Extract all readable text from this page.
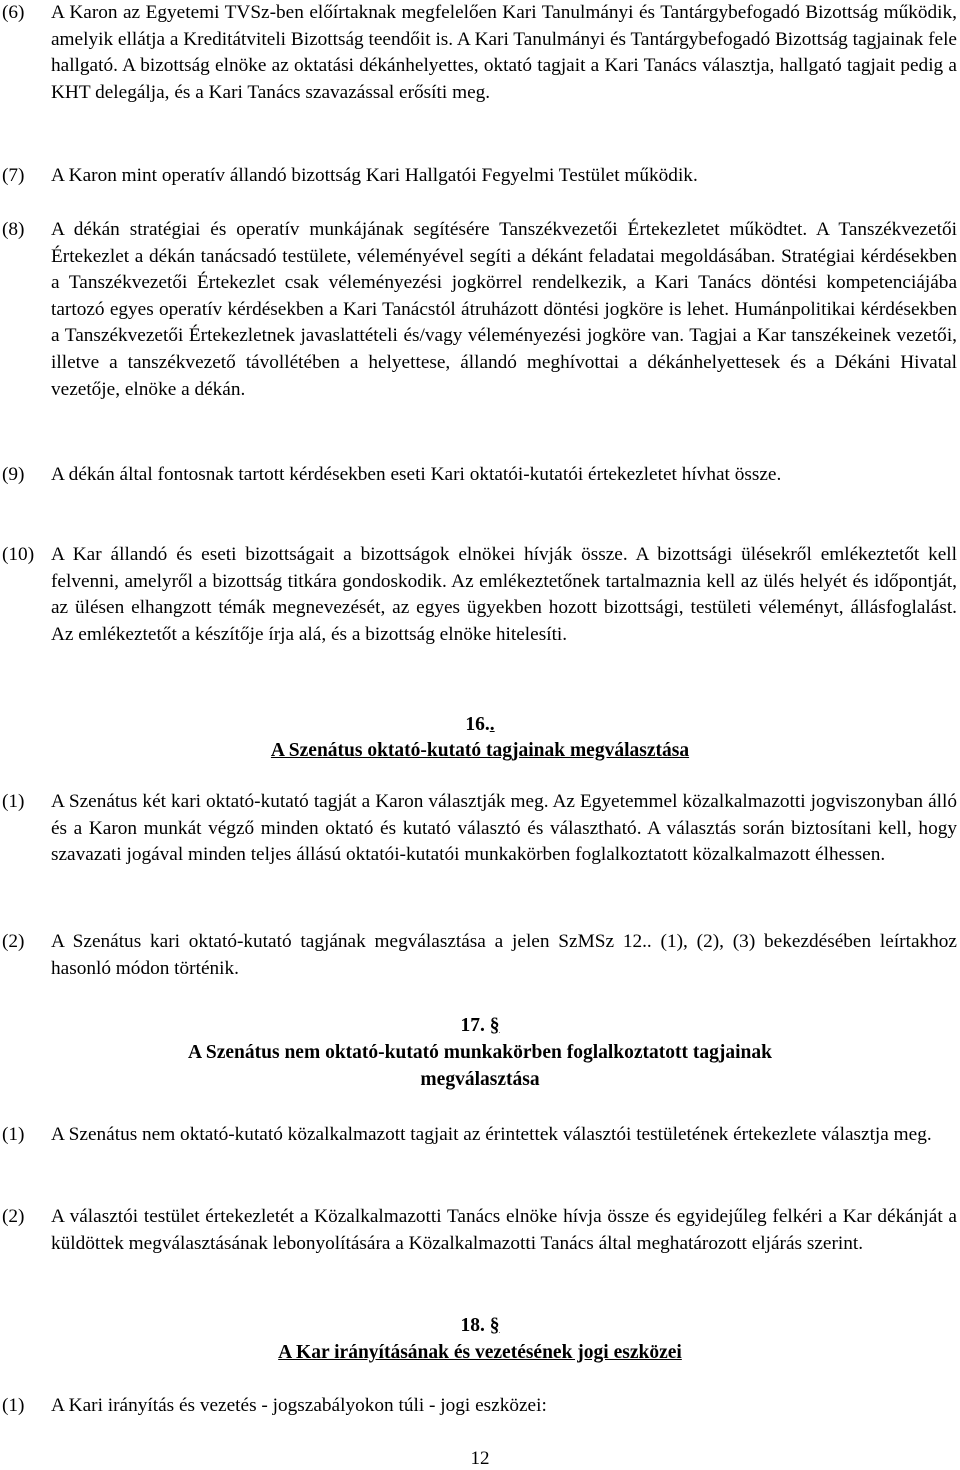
(6) A Karon az Egyetemi TVSz-ben előírtaknak megfelelően Kari Tanulmányi és Tantárgybefogadó Bizottság működik, amelyik ellátja a Kreditátviteli Bizottság teendőit is. A Kari Tanulmányi és Tantárgybefogadó Bizottság tagjainak fele hallgató. A bizottság elnöke az oktatási dékánhelyettes, oktató tagjait a Kari Tanács választja, hallgató tagjait pedig a KHT delegálja, és a Kari Tanács szavazással erősíti meg.
(7) A Karon mint operatív állandó bizottság Kari Hallgatói Fegyelmi Testület működik.
(8) A dékán stratégiai és operatív munkájának segítésére Tanszékvezetői Értekezletet működtet. A Tanszékvezetői Értekezlet a dékán tanácsadó testülete, véleményével segíti a dékánt feladatai megoldásában. Stratégiai kérdésekben a Tanszékvezetői Értekezlet csak véleményezési jogkörrel rendelkezik, a Kari Tanács döntési kompetenciájába tartozó egyes operatív kérdésekben a Kari Tanácstól átruházott döntési jogköre is lehet. Humánpolitikai kérdésekben a Tanszékvezetői Értekezletnek javaslattételi és/vagy véleményezési jogköre van. Tagjai a Kar tanszékeinek vezetői, illetve a tanszékvezető távollétében a helyettese, állandó meghívottai a dékánhelyettesek és a Dékáni Hivatal vezetője, elnöke a dékán.
(9) A dékán által fontosnak tartott kérdésekben eseti Kari oktatói-kutatói értekezletet hívhat össze.
(10) A Kar állandó és eseti bizottságait a bizottságok elnökei hívják össze. A bizottsági ülésekről emlékeztetőt kell felvenni, amelyről a bizottság titkára gondoskodik. Az emlékeztetőnek tartalmaznia kell az ülés helyét és időpontját, az ülésen elhangzott témák megnevezését, az egyes ügyekben hozott bizottsági, testületi véleményt, állásfoglalást. Az emlékeztetőt a készítője írja alá, és a bizottság elnöke hitelesíti.
16..
A Szenátus oktató-kutató tagjainak megválasztása
(1) A Szenátus két kari oktató-kutató tagját a Karon választják meg. Az Egyetemmel közalkalmazotti jogviszonyban álló és a Karon munkát végző minden oktató és kutató választó és választható. A választás során biztosítani kell, hogy szavazati jogával minden teljes állású oktatói-kutatói munkakörben foglalkoztatott közalkalmazott élhessen.
(2) A Szenátus kari oktató-kutató tagjának megválasztása a jelen SzMSz 12.. (1), (2), (3) bekezdésében leírtakhoz hasonló módon történik.
17. §
A Szenátus nem oktató-kutató munkakörben foglalkoztatott tagjainak
megválasztása
(1) A Szenátus nem oktató-kutató közalkalmazott tagjait az érintettek választói testületének értekezlete választja meg.
(2) A választói testület értekezletét a Közalkalmazotti Tanács elnöke hívja össze és egyidejűleg felkéri a Kar dékánját a küldöttek megválasztásának lebonyolítására a Közalkalmazotti Tanács által meghatározott eljárás szerint.
18. §
A Kar irányításának és vezetésének jogi eszközei
(1) A Kari irányítás és vezetés - jogszabályokon túli - jogi eszközei:
12
